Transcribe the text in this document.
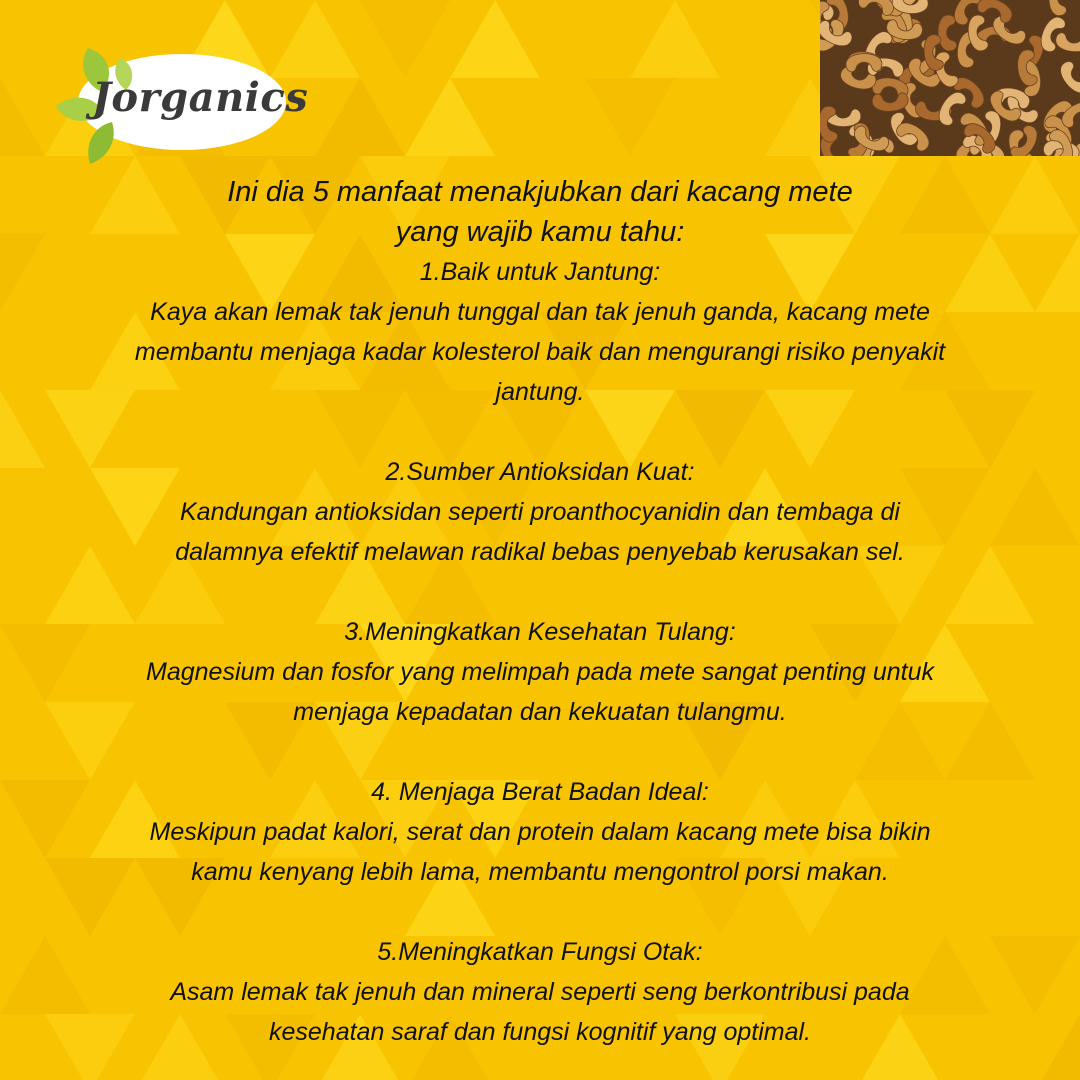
Jorganics
Ini dia 5 manfaat menakjubkan dari kacang mete
yang wajib kamu tahu:
1.Baik untuk Jantung:
Kaya akan lemak tak jenuh tunggal dan tak jenuh ganda, kacang mete
membantu menjaga kadar kolesterol baik dan mengurangi risiko penyakit
jantung.
2.Sumber Antioksidan Kuat:
Kandungan antioksidan seperti proanthocyanidin dan tembaga di
dalamnya efektif melawan radikal bebas penyebab kerusakan sel.
3.Meningkatkan Kesehatan Tulang:
Magnesium dan fosfor yang melimpah pada mete sangat penting untuk
menjaga kepadatan dan kekuatan tulangmu.
4. Menjaga Berat Badan Ideal:
Meskipun padat kalori, serat dan protein dalam kacang mete bisa bikin
kamu kenyang lebih lama, membantu mengontrol porsi makan.
5.Meningkatkan Fungsi Otak:
Asam lemak tak jenuh dan mineral seperti seng berkontribusi pada
kesehatan saraf dan fungsi kognitif yang optimal.
